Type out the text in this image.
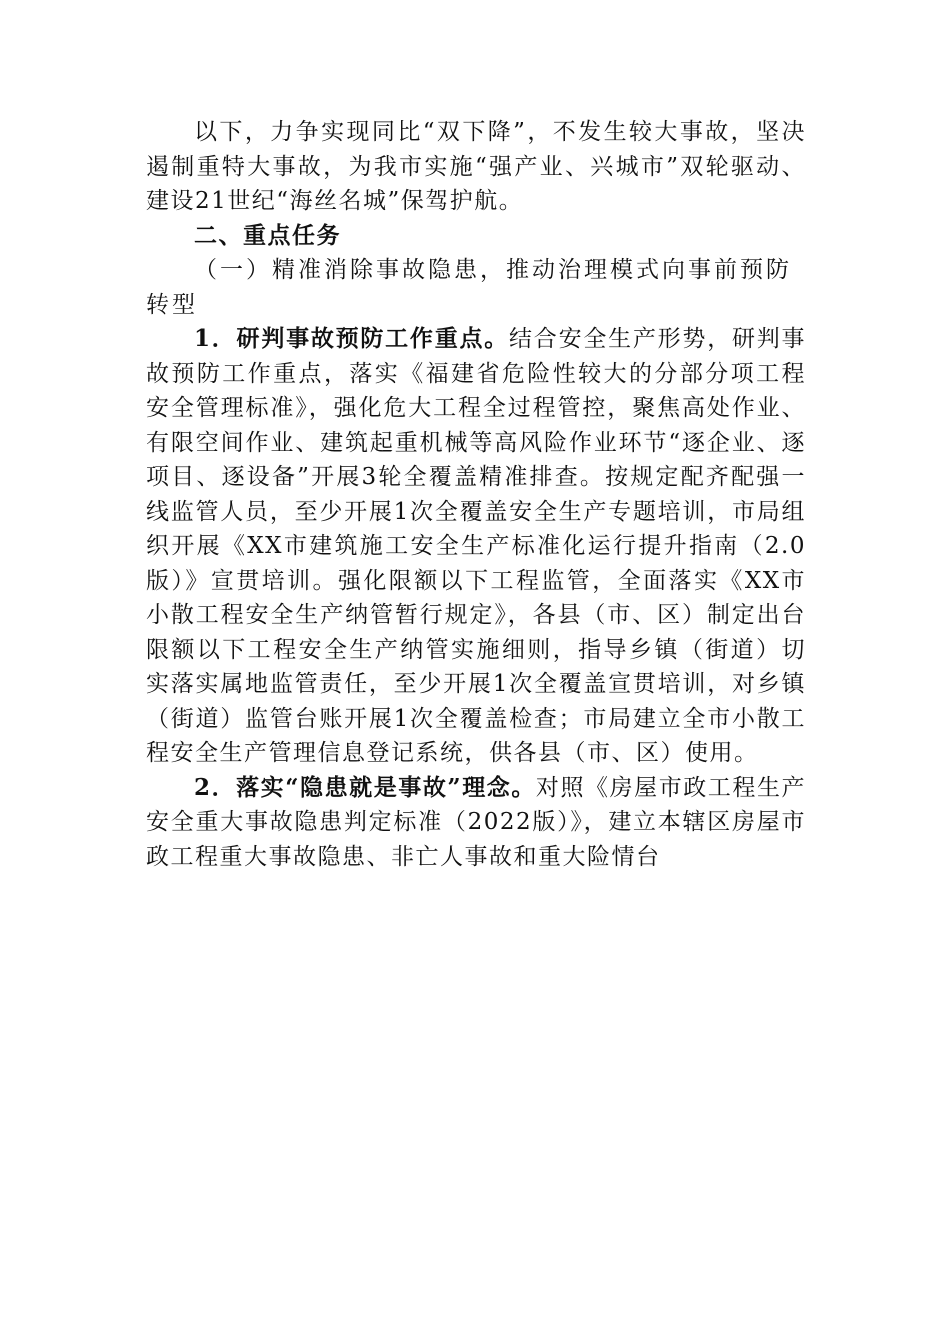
以下，力争实现同比“双下降”，不发生较大事故，坚决遏制重特大事故，为我市实施“强产业、兴城市”双轮驱动、建设21世纪“海丝名城”保驾护航。

二、重点任务

（一）精准消除事故隐患，推动治理模式向事前预防转型

1．研判事故预防工作重点。结合安全生产形势，研判事故预防工作重点，落实《福建省危险性较大的分部分项工程安全管理标准》，强化危大工程全过程管控，聚焦高处作业、有限空间作业、建筑起重机械等高风险作业环节“逐企业、逐项目、逐设备”开展3轮全覆盖精准排查。按规定配齐配强一线监管人员，至少开展1次全覆盖安全生产专题培训，市局组织开展《XX市建筑施工安全生产标准化运行提升指南（2.0版）》宣贯培训。强化限额以下工程监管，全面落实《XX市小散工程安全生产纳管暂行规定》，各县（市、区）制定出台限额以下工程安全生产纳管实施细则，指导乡镇（街道）切实落实属地监管责任，至少开展1次全覆盖宣贯培训，对乡镇（街道）监管台账开展1次全覆盖检查；市局建立全市小散工程安全生产管理信息登记系统，供各县（市、区）使用。

2．落实“隐患就是事故”理念。对照《房屋市政工程生产安全重大事故隐患判定标准（2022版）》，建立本辖区房屋市政工程重大事故隐患、非亡人事故和重大险情台
